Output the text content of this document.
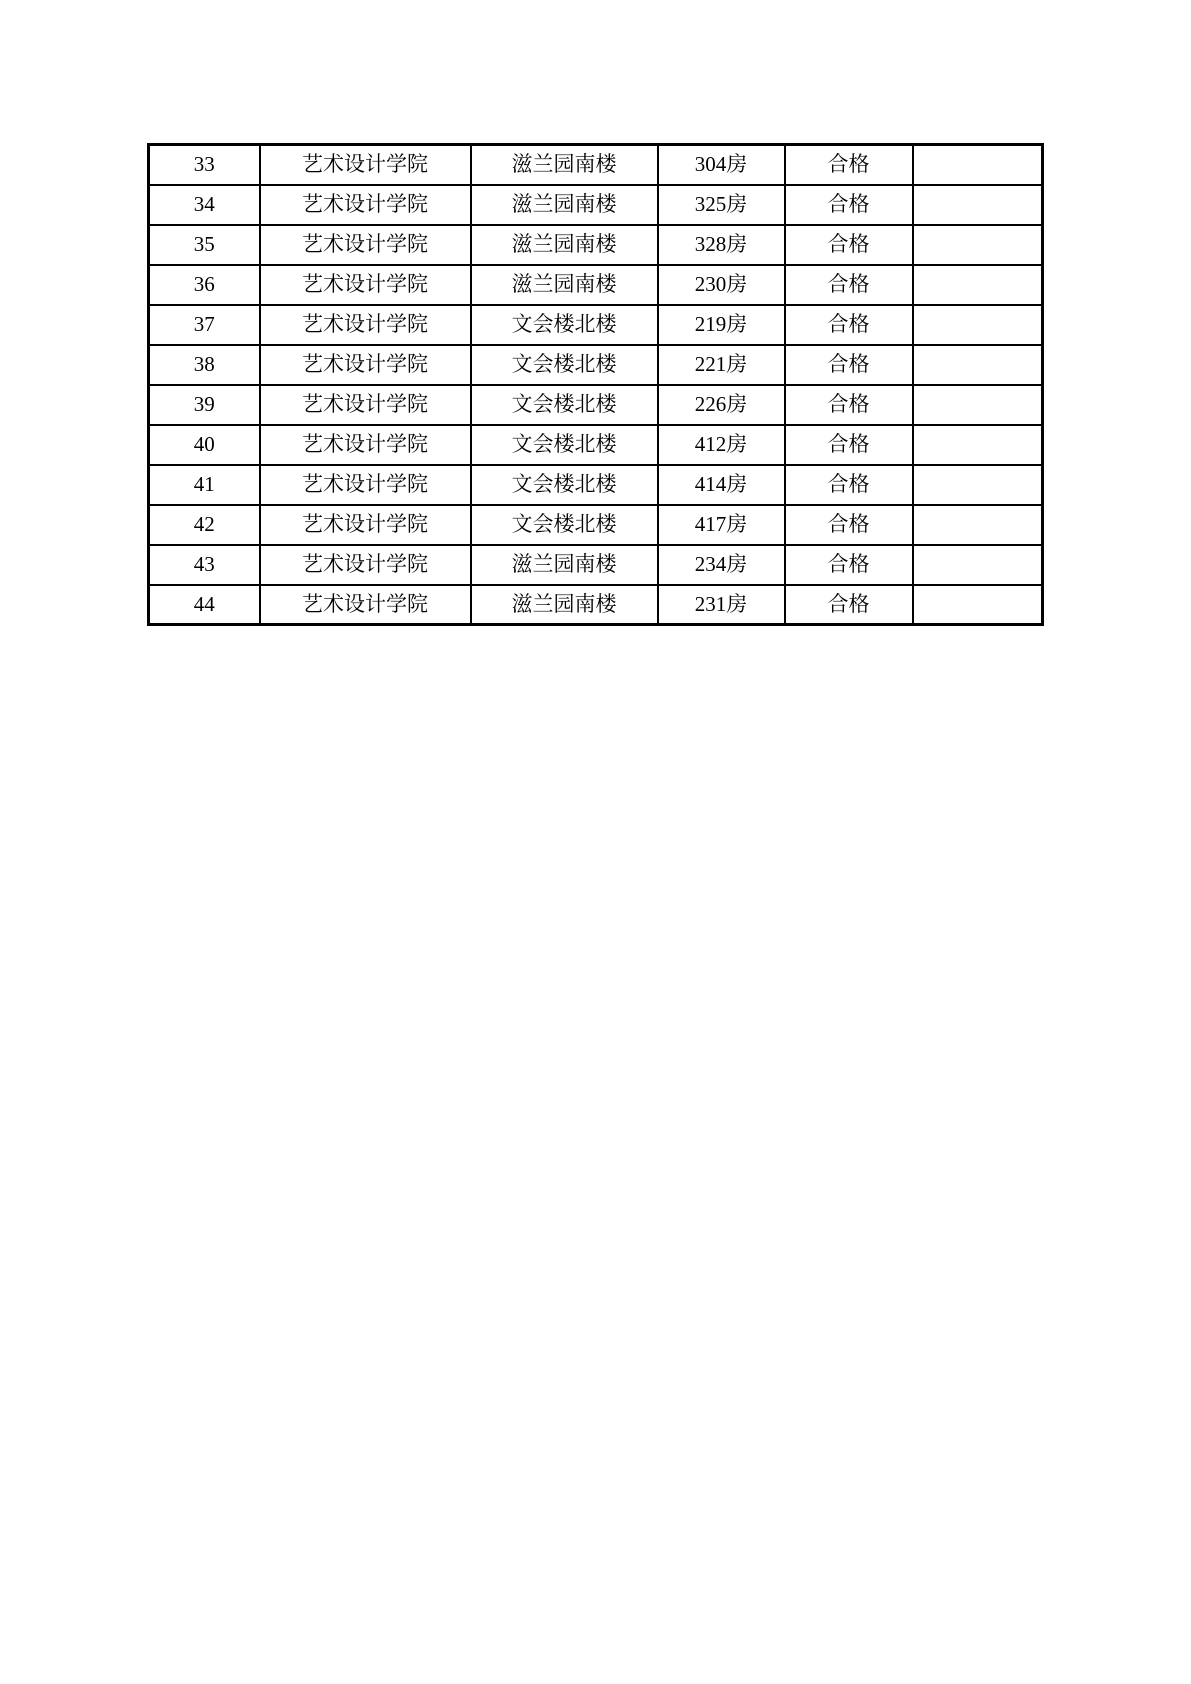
33	艺术设计学院	滋兰园南楼	304房	合格	
34	艺术设计学院	滋兰园南楼	325房	合格	
35	艺术设计学院	滋兰园南楼	328房	合格	
36	艺术设计学院	滋兰园南楼	230房	合格	
37	艺术设计学院	文会楼北楼	219房	合格	
38	艺术设计学院	文会楼北楼	221房	合格	
39	艺术设计学院	文会楼北楼	226房	合格	
40	艺术设计学院	文会楼北楼	412房	合格	
41	艺术设计学院	文会楼北楼	414房	合格	
42	艺术设计学院	文会楼北楼	417房	合格	
43	艺术设计学院	滋兰园南楼	234房	合格	
44	艺术设计学院	滋兰园南楼	231房	合格	
